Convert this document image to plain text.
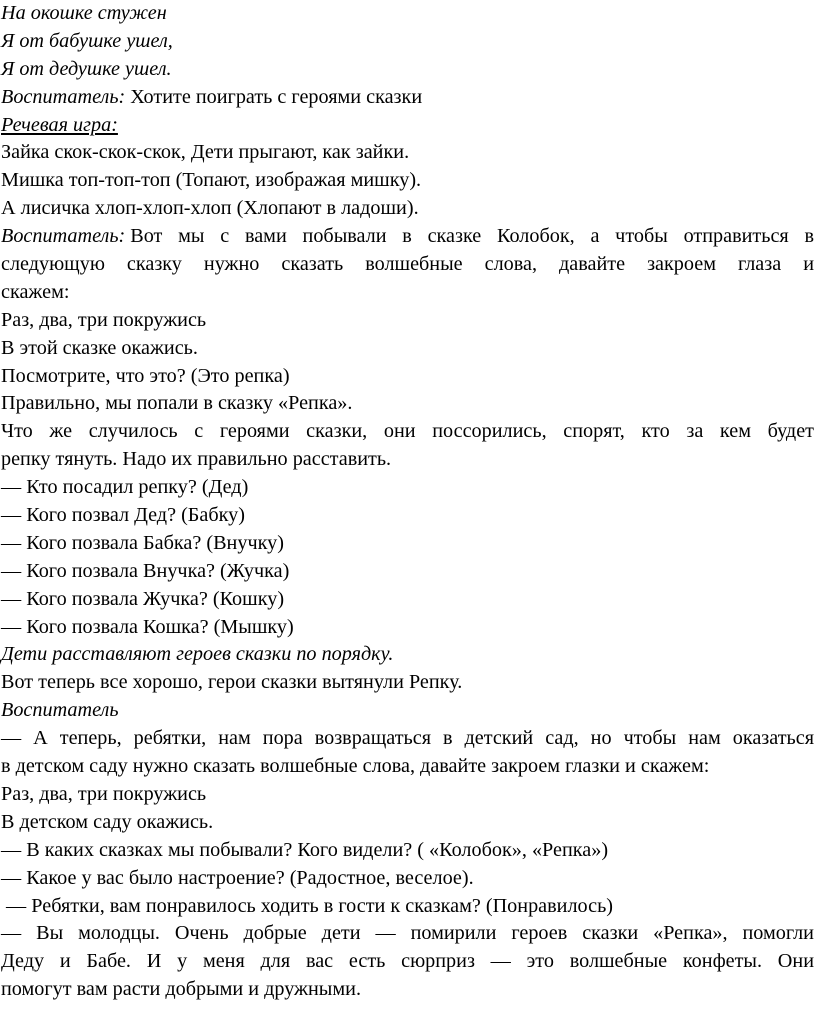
На окошке стужен
Я от бабушке ушел,
Я от дедушке ушел.
Воспитатель: Хотите поиграть с героями сказки
Речевая игра:
Зайка скок-скок-скок, Дети прыгают, как зайки.
Мишка топ-топ-топ (Топают, изображая мишку).
А лисичка хлоп-хлоп-хлоп (Хлопают в ладоши).
Воспитатель: Вот мы с вами побывали в сказке Колобок, а чтобы отправиться в
следующую сказку нужно сказать волшебные слова, давайте закроем глаза и
скажем:
Раз, два, три покружись
В этой сказке окажись.
Посмотрите, что это? (Это репка)
Правильно, мы попали в сказку «Репка».
Что же случилось с героями сказки, они поссорились, спорят, кто за кем будет
репку тянуть. Надо их правильно расставить.
— Кто посадил репку? (Дед)
— Кого позвал Дед? (Бабку)
— Кого позвала Бабка? (Внучку)
— Кого позвала Внучка? (Жучка)
— Кого позвала Жучка? (Кошку)
— Кого позвала Кошка? (Мышку)
Дети расставляют героев сказки по порядку.
Вот теперь все хорошо, герои сказки вытянули Репку.
Воспитатель
— А теперь, ребятки, нам пора возвращаться в детский сад, но чтобы нам оказаться
в детском саду нужно сказать волшебные слова, давайте закроем глазки и скажем:
Раз, два, три покружись
В детском саду окажись.
— В каких сказках мы побывали? Кого видели? ( «Колобок», «Репка»)
— Какое у вас было настроение? (Радостное, веселое).
— Ребятки, вам понравилось ходить в гости к сказкам? (Понравилось)
— Вы молодцы. Очень добрые дети — помирили героев сказки «Репка», помогли
Деду и Бабе. И у меня для вас есть сюрприз — это волшебные конфеты. Они
помогут вам расти добрыми и дружными.
